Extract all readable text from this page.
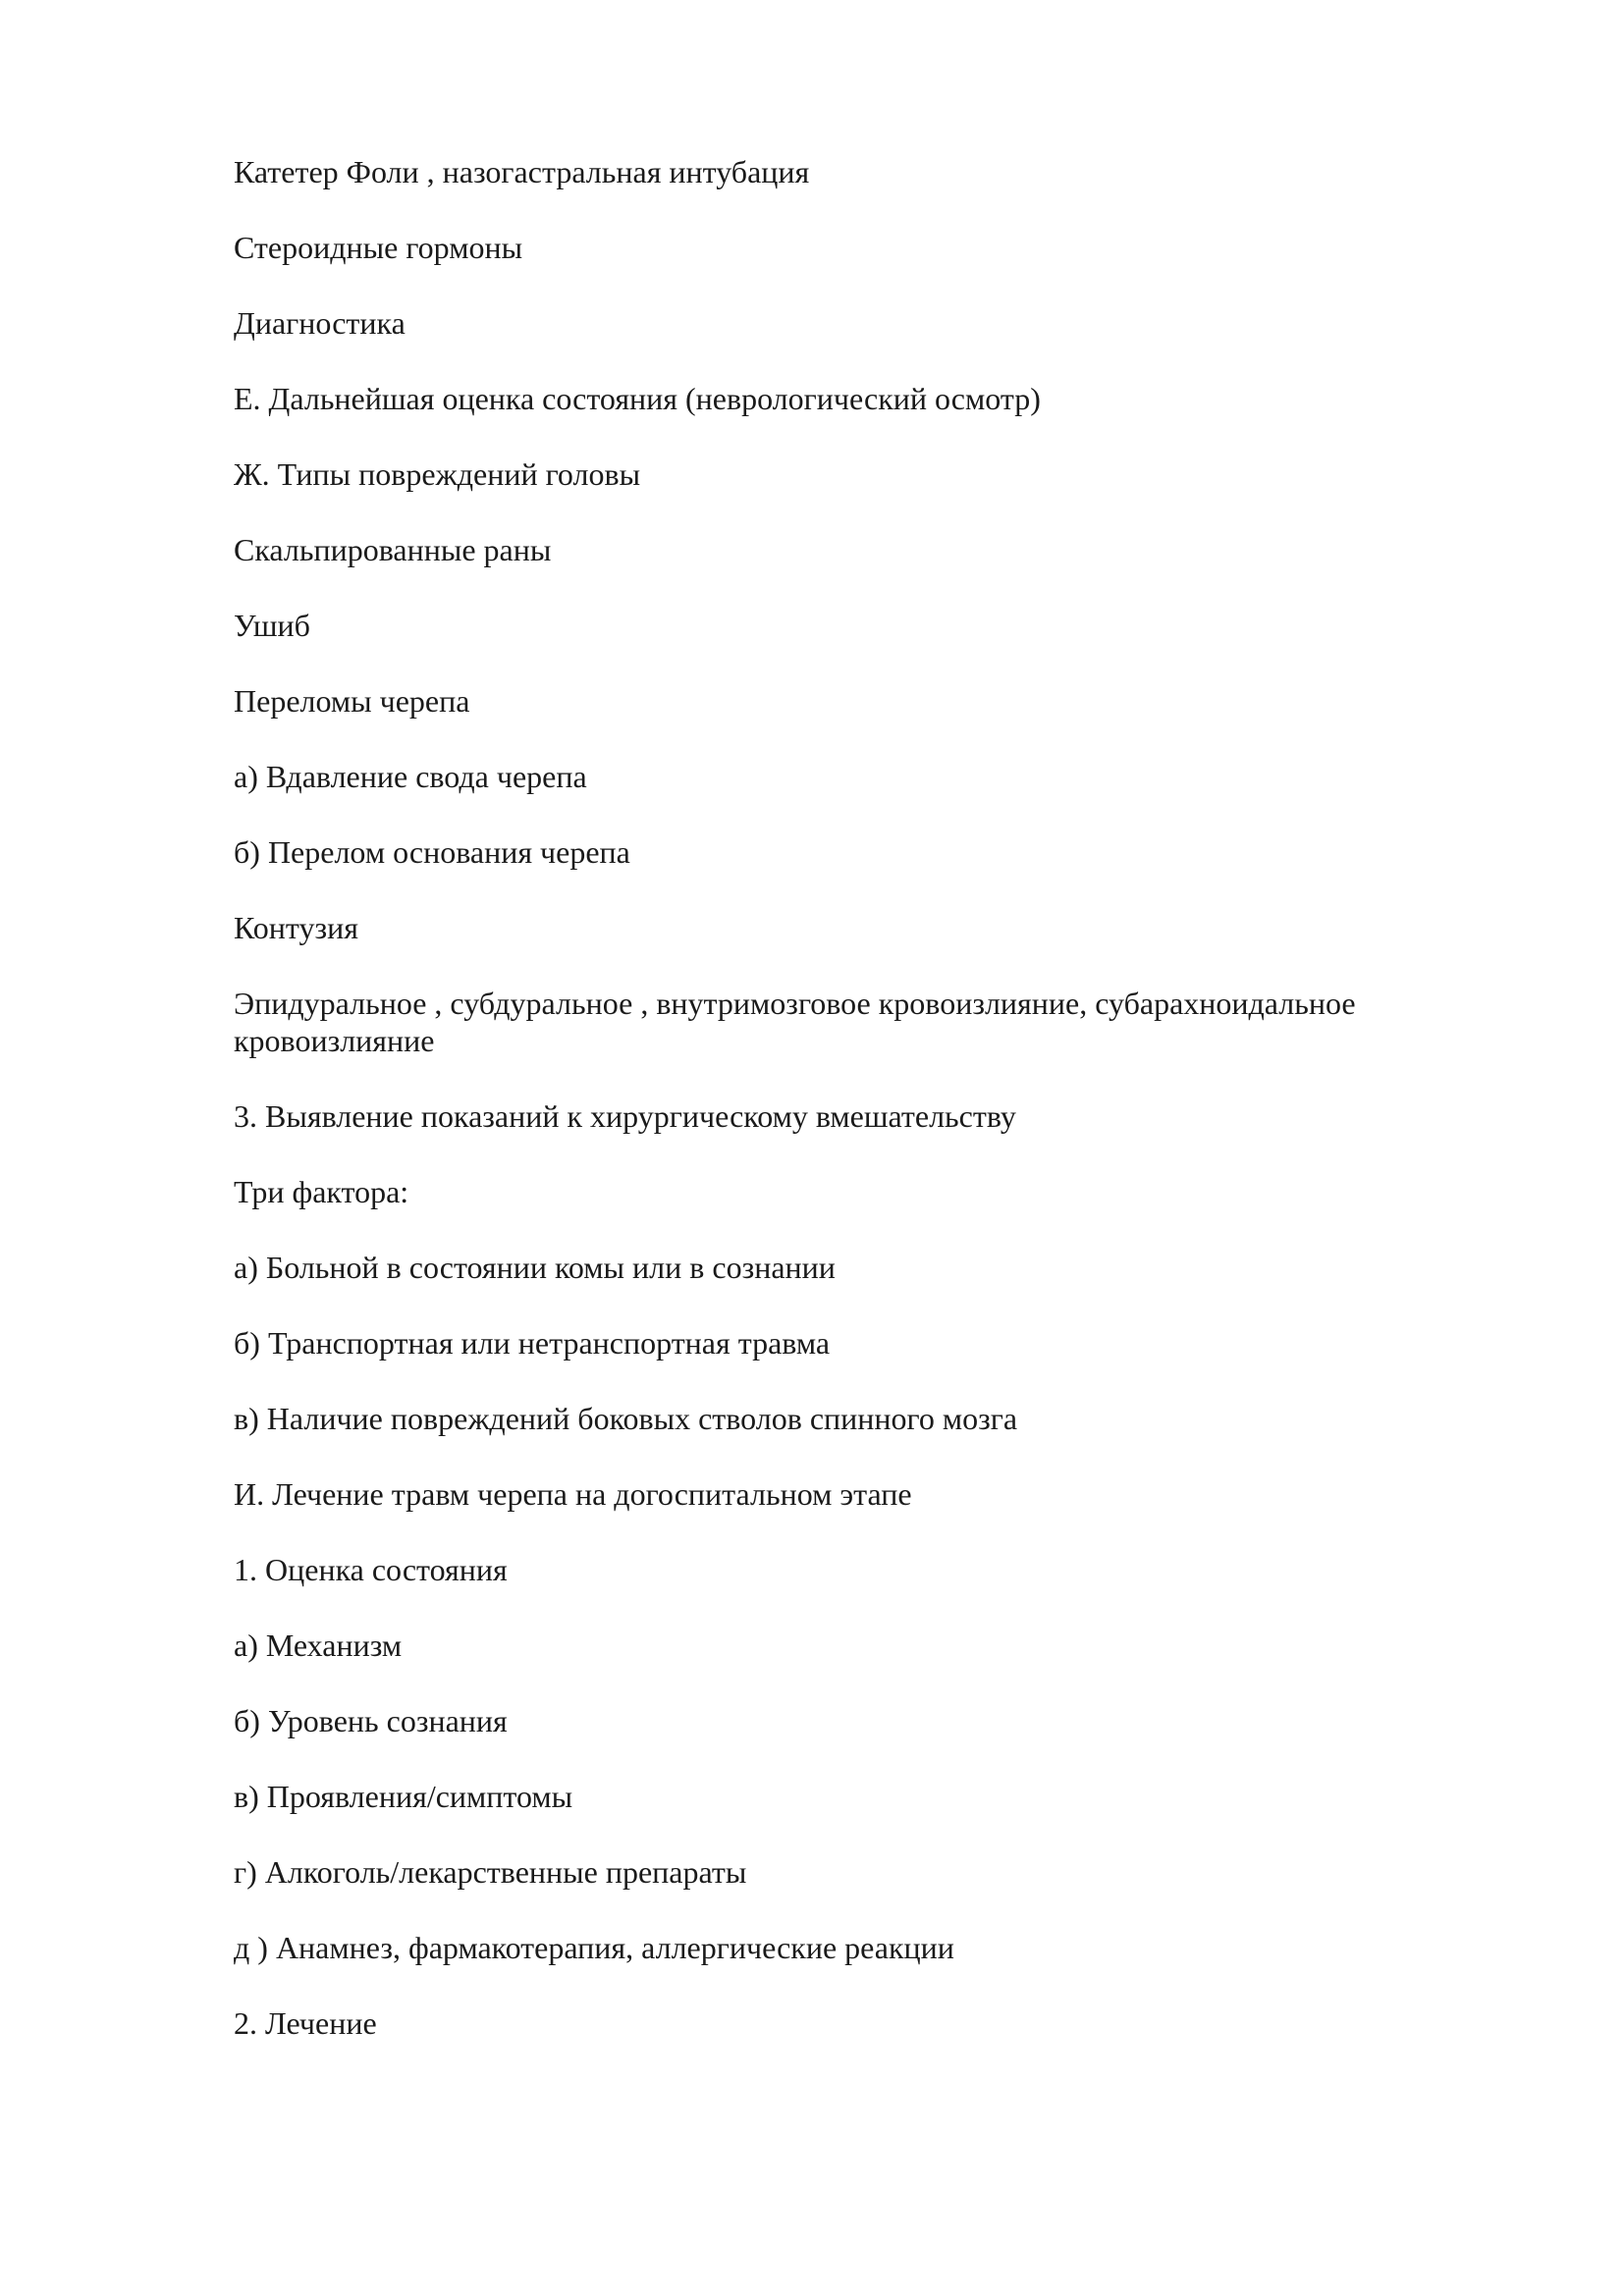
Катетер Фоли , назогастральная интубация

Стероидные гормоны

Диагностика

Е. Дальнейшая оценка состояния (неврологический осмотр)

Ж. Типы повреждений головы

Скальпированные раны

Ушиб

Переломы черепа

а) Вдавление свода черепа

б) Перелом основания черепа

Контузия

Эпидуральное , субдуральное , внутримозговое кровоизлияние, субарахноидальное кровоизлияние

3. Выявление показаний к хирургическому вмешательству

Три фактора:

а) Больной в состоянии комы или в сознании

б) Транспортная или нетранспортная травма

в) Наличие повреждений боковых стволов спинного мозга

И. Лечение травм черепа на догоспитальном этапе

1. Оценка состояния

а) Механизм

б) Уровень сознания

в) Проявления/симптомы

г) Алкоголь/лекарственные препараты

д ) Анамнез, фармакотерапия, аллергические реакции

2. Лечение
